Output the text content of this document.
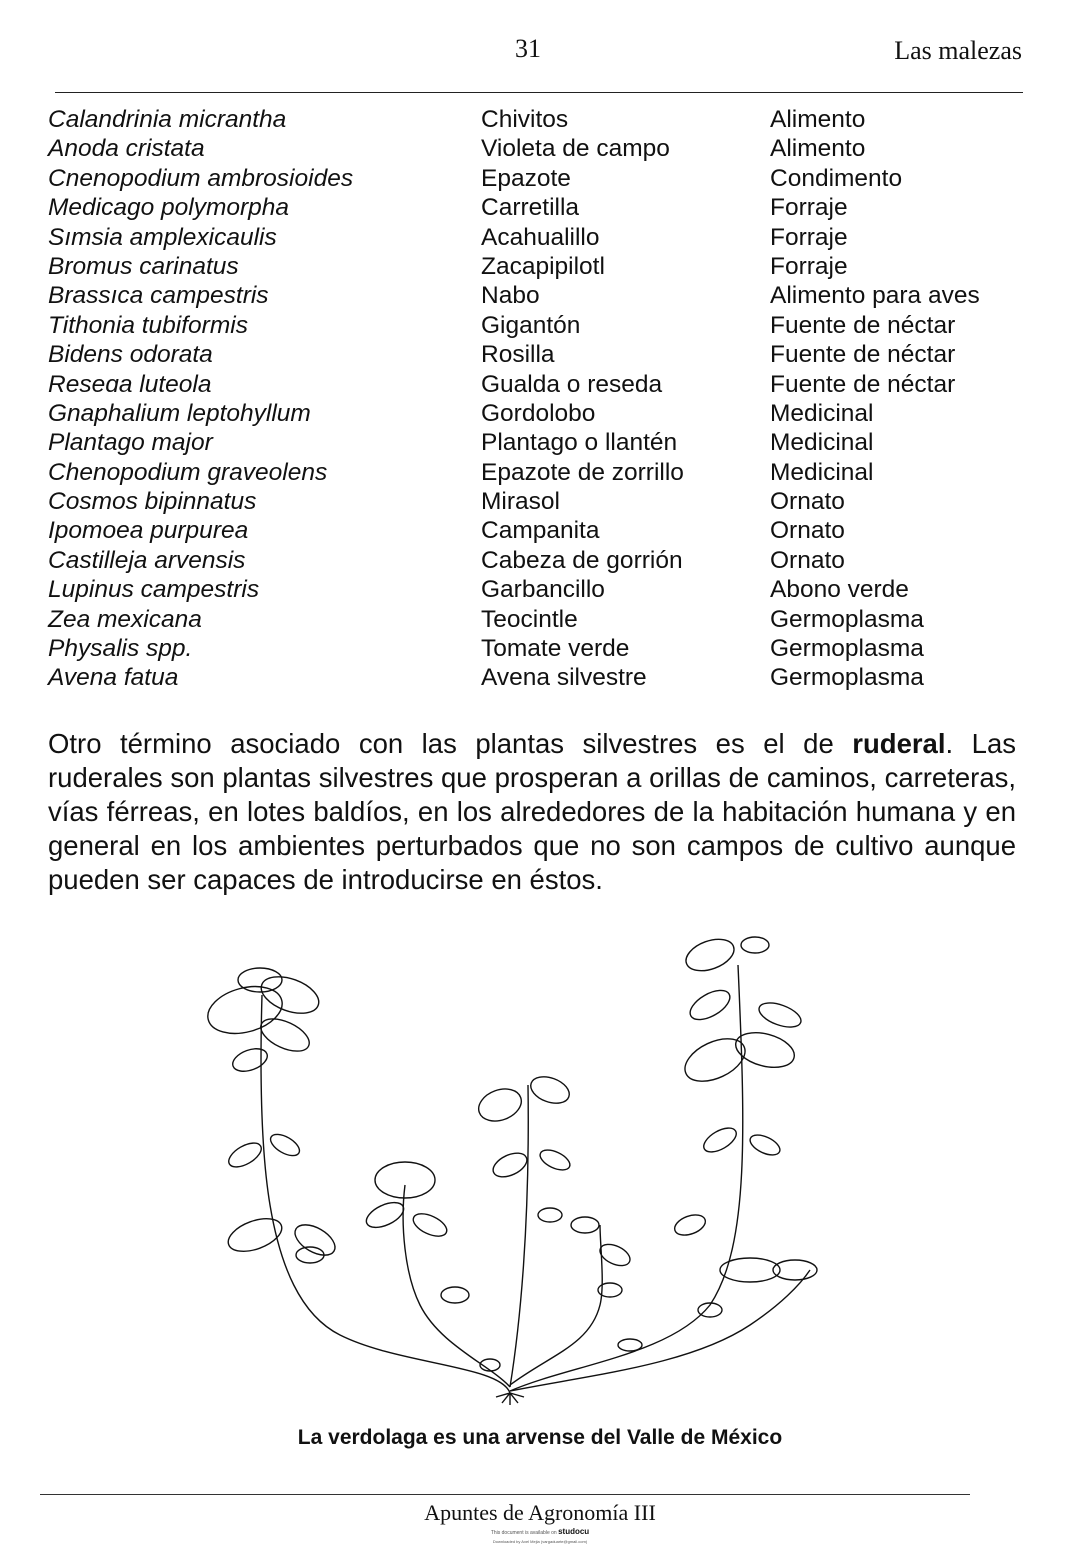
31	Las malezas
Calandrinia micrantha	Chivitos	Alimento
Anoda cristata	Violeta de campo	Alimento
Cnenopodium ambrosioides	Epazote	Condimento
Medicago polymorpha	Carretilla	Forraje
Sımsia amplexicaulis	Acahualillo	Forraje
Bromus carinatus	Zacapipilotl	Forraje
Brassıca campestris	Nabo	Alimento para aves
Tithonia tubiformis	Gigantón	Fuente de néctar
Bidens odorata	Rosilla	Fuente de néctar
Reseɑa luteola	Gualda o reseda	Fuente de néctar
Gnaphalium leptohyllum	Gordolobo	Medicinal
Plantago major	Plantago o llantén	Medicinal
Chenopodium graveolens	Epazote de zorrillo	Medicinal
Cosmos bipinnatus	Mirasol	Ornato
Ipomoea purpurea	Campanita	Ornato
Castilleja arvensis	Cabeza de gorrión	Ornato
Lupinus campestris	Garbancillo	Abono verde
Zea mexicana	Teocintle	Germoplasma
Physalis spp.	Tomate verde	Germoplasma
Avena fatua	Avena silvestre	Germoplasma
Otro término asociado con las plantas silvestres es el de ruderal. Las ruderales son plantas silvestres que prosperan a orillas de caminos, carreteras, vías férreas, en lotes baldíos, en los alrededores de la habitación humana y en general en los ambientes perturbados que no son campos de cultivo aunque pueden ser capaces de introducirse en éstos.
La verdolaga es una arvense del Valle de México
Apuntes de Agronomía III
This document is available on studocu
Downloaded by Axel Mejia (vargaduarte@gmail.com)
